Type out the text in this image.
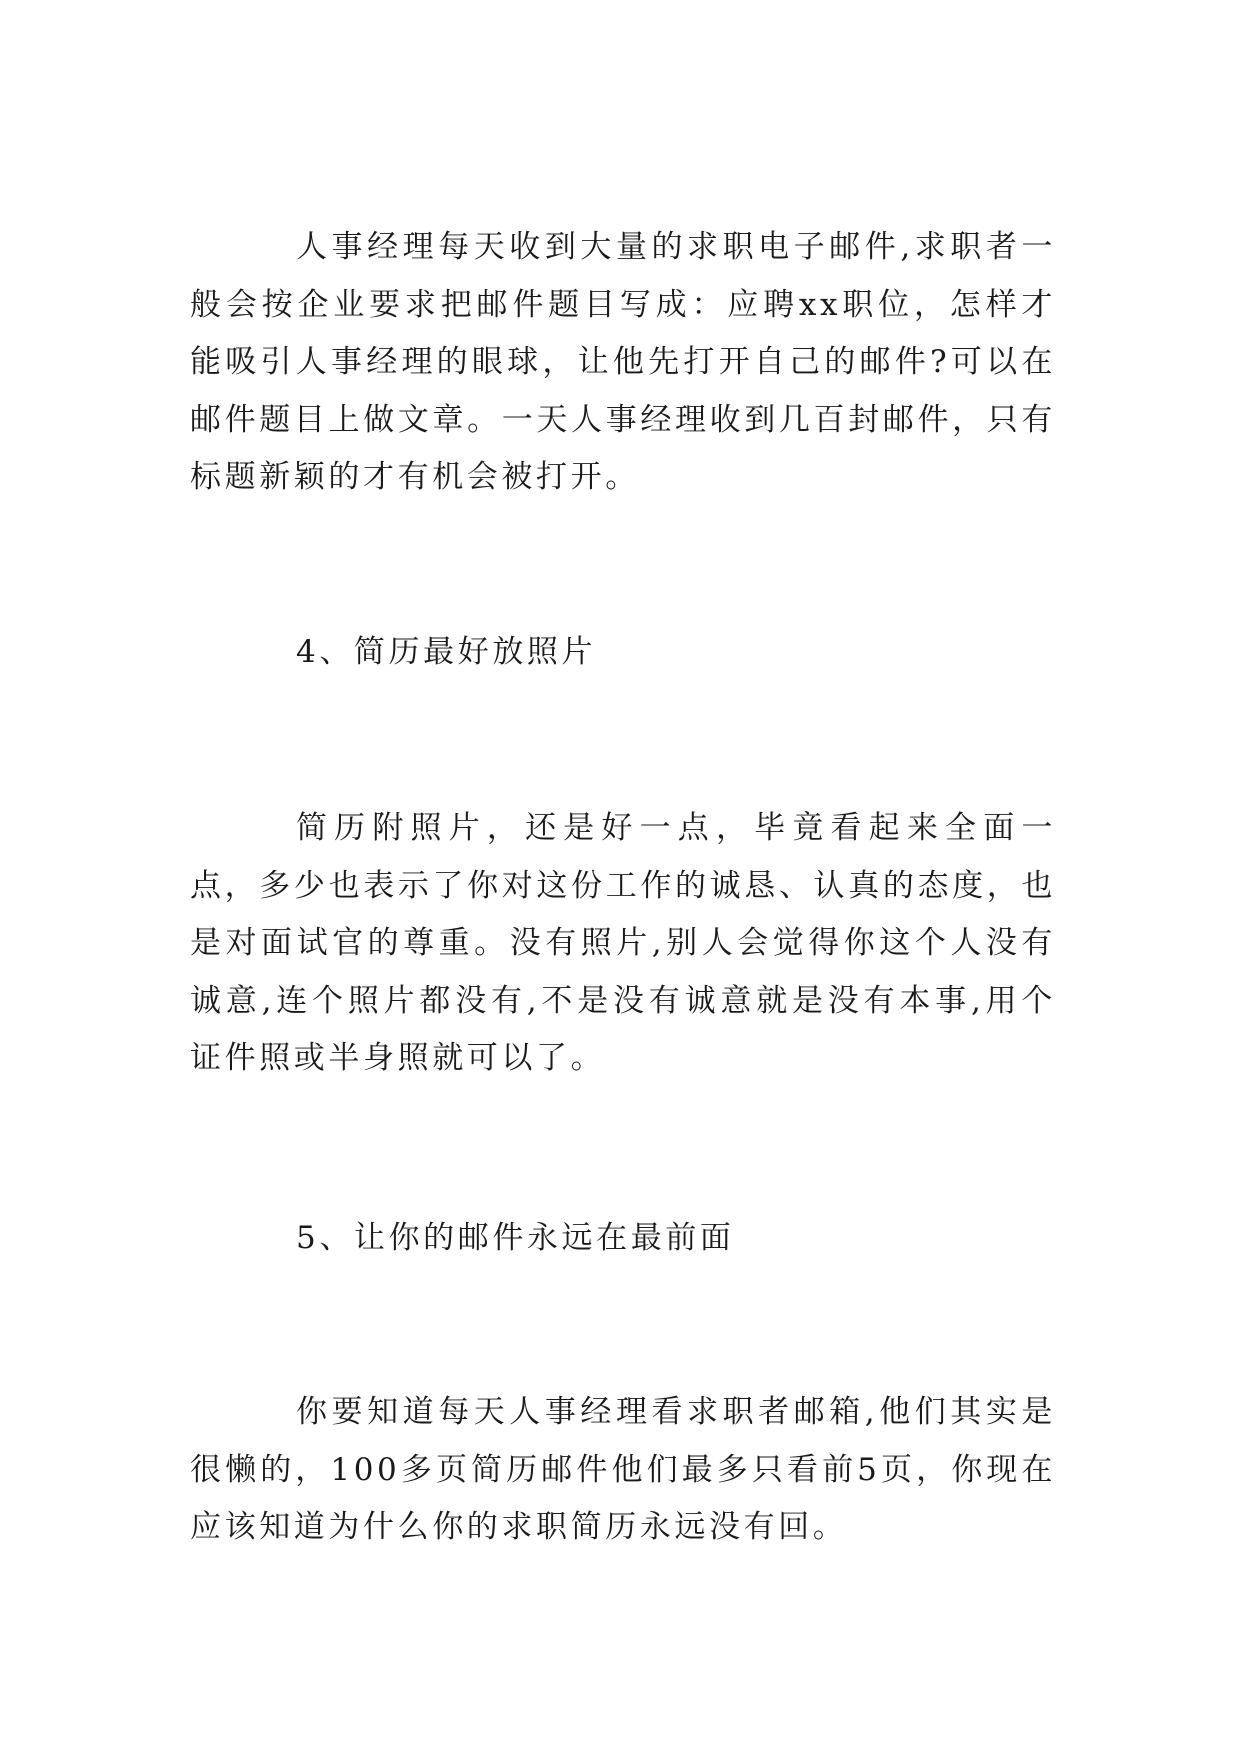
人事经理每天收到大量的求职电子邮件,求职者一般会按企业要求把邮件题目写成：应聘xx职位，怎样才能吸引人事经理的眼球，让他先打开自己的邮件?可以在邮件题目上做文章。一天人事经理收到几百封邮件，只有标题新颖的才有机会被打开。

4、简历最好放照片

简历附照片，还是好一点，毕竟看起来全面一点，多少也表示了你对这份工作的诚恳、认真的态度，也是对面试官的尊重。没有照片,别人会觉得你这个人没有诚意,连个照片都没有,不是没有诚意就是没有本事,用个证件照或半身照就可以了。

5、让你的邮件永远在最前面

你要知道每天人事经理看求职者邮箱,他们其实是很懒的，100多页简历邮件他们最多只看前5页，你现在应该知道为什么你的求职简历永远没有回。
